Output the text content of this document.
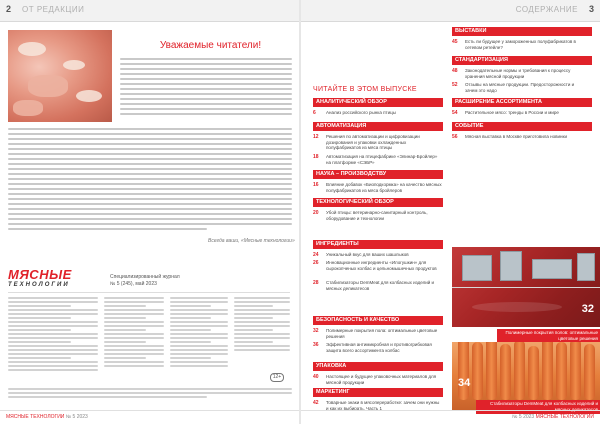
2 ОТ РЕДАКЦИИ
Уважаемые читатели!
Всегда ваши, «Мясные технологии»
МЯСНЫЕ
ТЕХНОЛОГИИ
Специализированный журнал
№ 5 (245), май 2023
12+
МЯСНЫЕ ТЕХНОЛОГИИ № 5 2023
СОДЕРЖАНИЕ 3
ЧИТАЙТЕ В ЭТОМ ВЫПУСКЕ
АНАЛИТИЧЕСКИЙ ОБЗОР
6 Анализ российского рынка птицы
АВТОМАТИЗАЦИЯ
12 Решения по автоматизации и цифровизации дозирования и упаковки охлажденных полуфабрикатов из мяса птицы
18 Автоматизация на птицефабрике «Элинар-Бройлер» на платформе «СЭБР»
НАУКА – ПРОИЗВОДСТВУ
16 Влияние добавок «Биоподкормка» на качество мясных полуфабрикатов из мяса бройлеров
ТЕХНОЛОГИЧЕСКИЙ ОБЗОР
20 Убой птицы: ветеринарно-санитарный контроль, оборудование и технологии
ИНГРЕДИЕНТЫ
24 Уникальный вкус для ваших шашлыков
26 Инновационные ингредиенты «Илогушкин» для сырокопченых колбас и цельномышечных продуктов
28 Стабилизаторы DemMeat для колбасных изделий и мясных деликатесов
БЕЗОПАСНОСТЬ И КАЧЕСТВО
32 Полимерные покрытия пола: оптимальные цветовые решения
36 Эффективная антимикробная и противогрибковая защита всего ассортимента колбас
УПАКОВКА
40 Настоящее и будущее упаковочных материалов для мясной продукции
МАРКЕТИНГ
42 Товарные знаки в мясопереработке: зачем они нужны и как их выбирать. Часть 1
ВЫСТАВКИ
45 Есть ли будущее у замороженных полуфабрикатов в сетевом ретейле?
СТАНДАРТИЗАЦИЯ
48 Законодательные нормы и требования к процессу хранения мясной продукции
52 Отзывы на мясные продукции. Предосторожности и зачем это надо
РАСШИРЕНИЕ АССОРТИМЕНТА
54 Растительное мясо: тренды в России и мире
СОБЫТИЕ
56 Мясная выставка в Москве приготовила новинки
32
Полимерные покрытия полов: оптимальные цветовые решения
34
Стабилизаторы DemMeat для колбасных изделий и мясных деликатесов
№ 5 2023 МЯСНЫЕ ТЕХНОЛОГИИ
